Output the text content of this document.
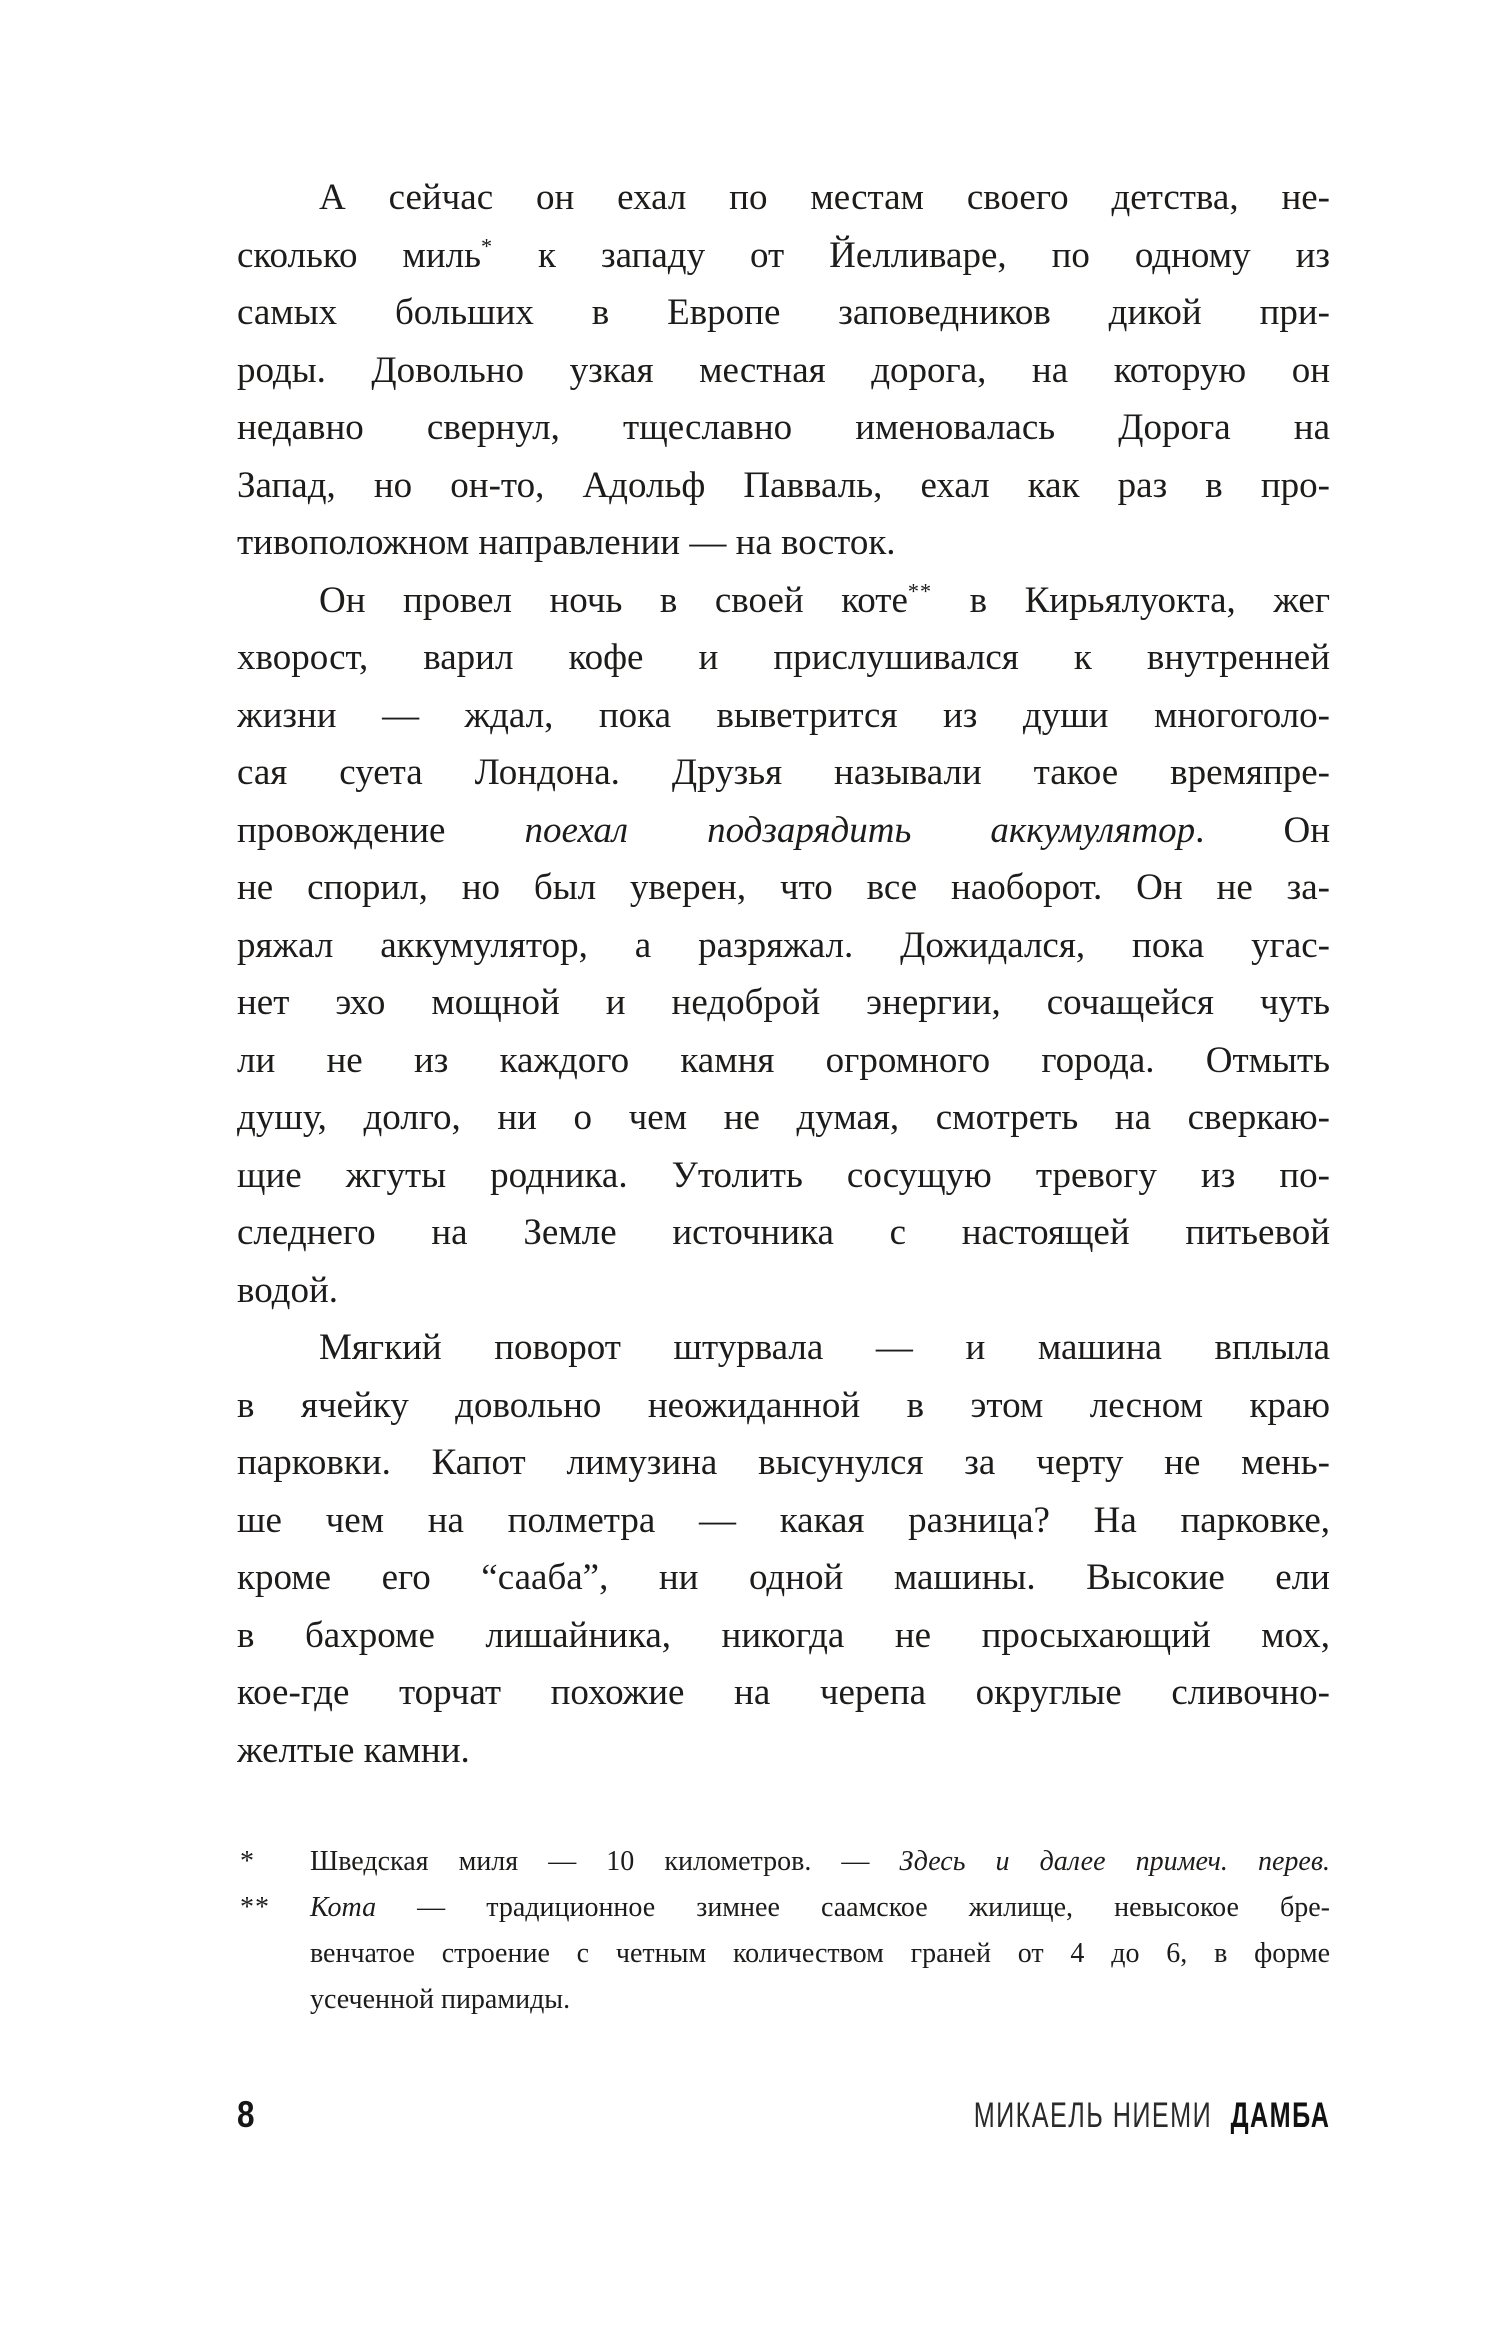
А сейчас он ехал по местам своего детства, не-
сколько миль* к западу от Йелливаре, по одному из
самых больших в Европе заповедников дикой при-
роды. Довольно узкая местная дорога, на которую он
недавно свернул, тщеславно именовалась Дорога на
Запад, но он-то, Адольф Павваль, ехал как раз в про-
тивоположном направлении — на восток.
Он провел ночь в своей коте** в Кирьялуокта, жег
хворост, варил кофе и прислушивался к внутренней
жизни — ждал, пока выветрится из души многоголо-
сая суета Лондона. Друзья называли такое времяпре-
провождение поехал подзарядить аккумулятор. Он
не спорил, но был уверен, что все наоборот. Он не за-
ряжал аккумулятор, а разряжал. Дожидался, пока угас-
нет эхо мощной и недоброй энергии, сочащейся чуть
ли не из каждого камня огромного города. Отмыть
душу, долго, ни о чем не думая, смотреть на сверкаю-
щие жгуты родника. Утолить сосущую тревогу из по-
следнего на Земле источника с настоящей питьевой
водой.
Мягкий поворот штурвала — и машина вплыла
в ячейку довольно неожиданной в этом лесном краю
парковки. Капот лимузина высунулся за черту не мень-
ше чем на полметра — какая разница? На парковке,
кроме его “сааба”, ни одной машины. Высокие ели
в бахроме лишайника, никогда не просыхающий мох,
кое-где торчат похожие на черепа округлые сливочно-
желтые камни.
* Шведская миля — 10 километров. — Здесь и далее примеч. перев.
** Кота — традиционное зимнее саамское жилище, невысокое бре-
венчатое строение с четным количеством граней от 4 до 6, в форме
усеченной пирамиды.
8	МИКАЕЛЬ НИЕМИ ДАМБА
